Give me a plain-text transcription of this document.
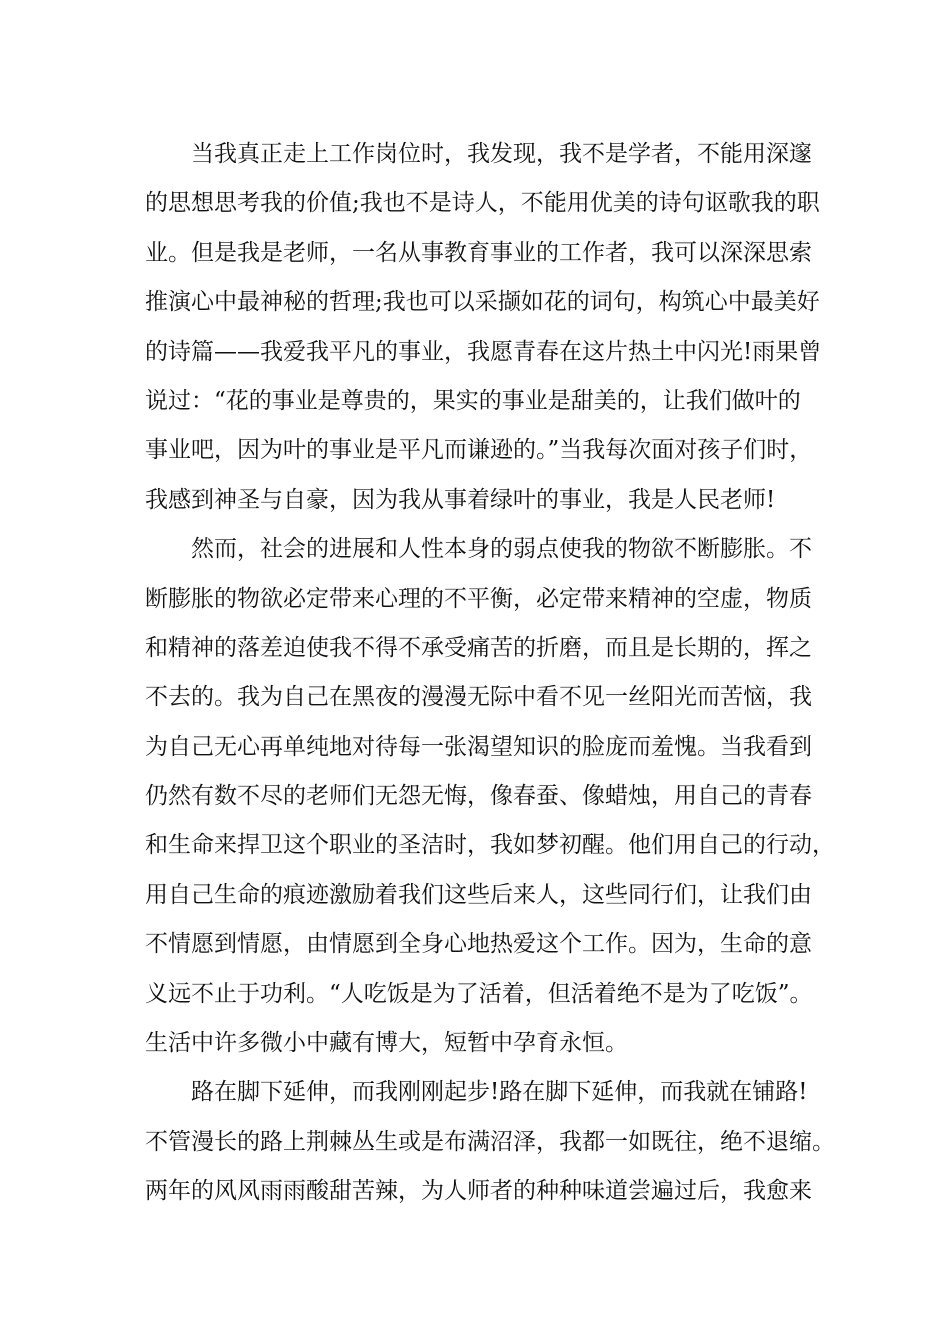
当我真正走上工作岗位时，我发现，我不是学者，不能用深邃
的思想思考我的价值;我也不是诗人，不能用优美的诗句讴歌我的职
业。但是我是老师，一名从事教育事业的工作者，我可以深深思索
推演心中最神秘的哲理;我也可以采撷如花的词句，构筑心中最美好
的诗篇——我爱我平凡的事业，我愿青春在这片热土中闪光!雨果曾
说过：“花的事业是尊贵的，果实的事业是甜美的，让我们做叶的
事业吧，因为叶的事业是平凡而谦逊的。”当我每次面对孩子们时，
我感到神圣与自豪，因为我从事着绿叶的事业，我是人民老师!

然而，社会的进展和人性本身的弱点使我的物欲不断膨胀。不
断膨胀的物欲必定带来心理的不平衡，必定带来精神的空虚，物质
和精神的落差迫使我不得不承受痛苦的折磨，而且是长期的，挥之
不去的。我为自己在黑夜的漫漫无际中看不见一丝阳光而苦恼，我
为自己无心再单纯地对待每一张渴望知识的脸庞而羞愧。当我看到
仍然有数不尽的老师们无怨无悔，像春蚕、像蜡烛，用自己的青春
和生命来捍卫这个职业的圣洁时，我如梦初醒。他们用自己的行动，
用自己生命的痕迹激励着我们这些后来人，这些同行们，让我们由
不情愿到情愿，由情愿到全身心地热爱这个工作。因为，生命的意
义远不止于功利。“人吃饭是为了活着，但活着绝不是为了吃饭”。
生活中许多微小中藏有博大，短暂中孕育永恒。

路在脚下延伸，而我刚刚起步!路在脚下延伸，而我就在铺路!
不管漫长的路上荆棘丛生或是布满沼泽，我都一如既往，绝不退缩。
两年的风风雨雨酸甜苦辣，为人师者的种种味道尝遍过后，我愈来
